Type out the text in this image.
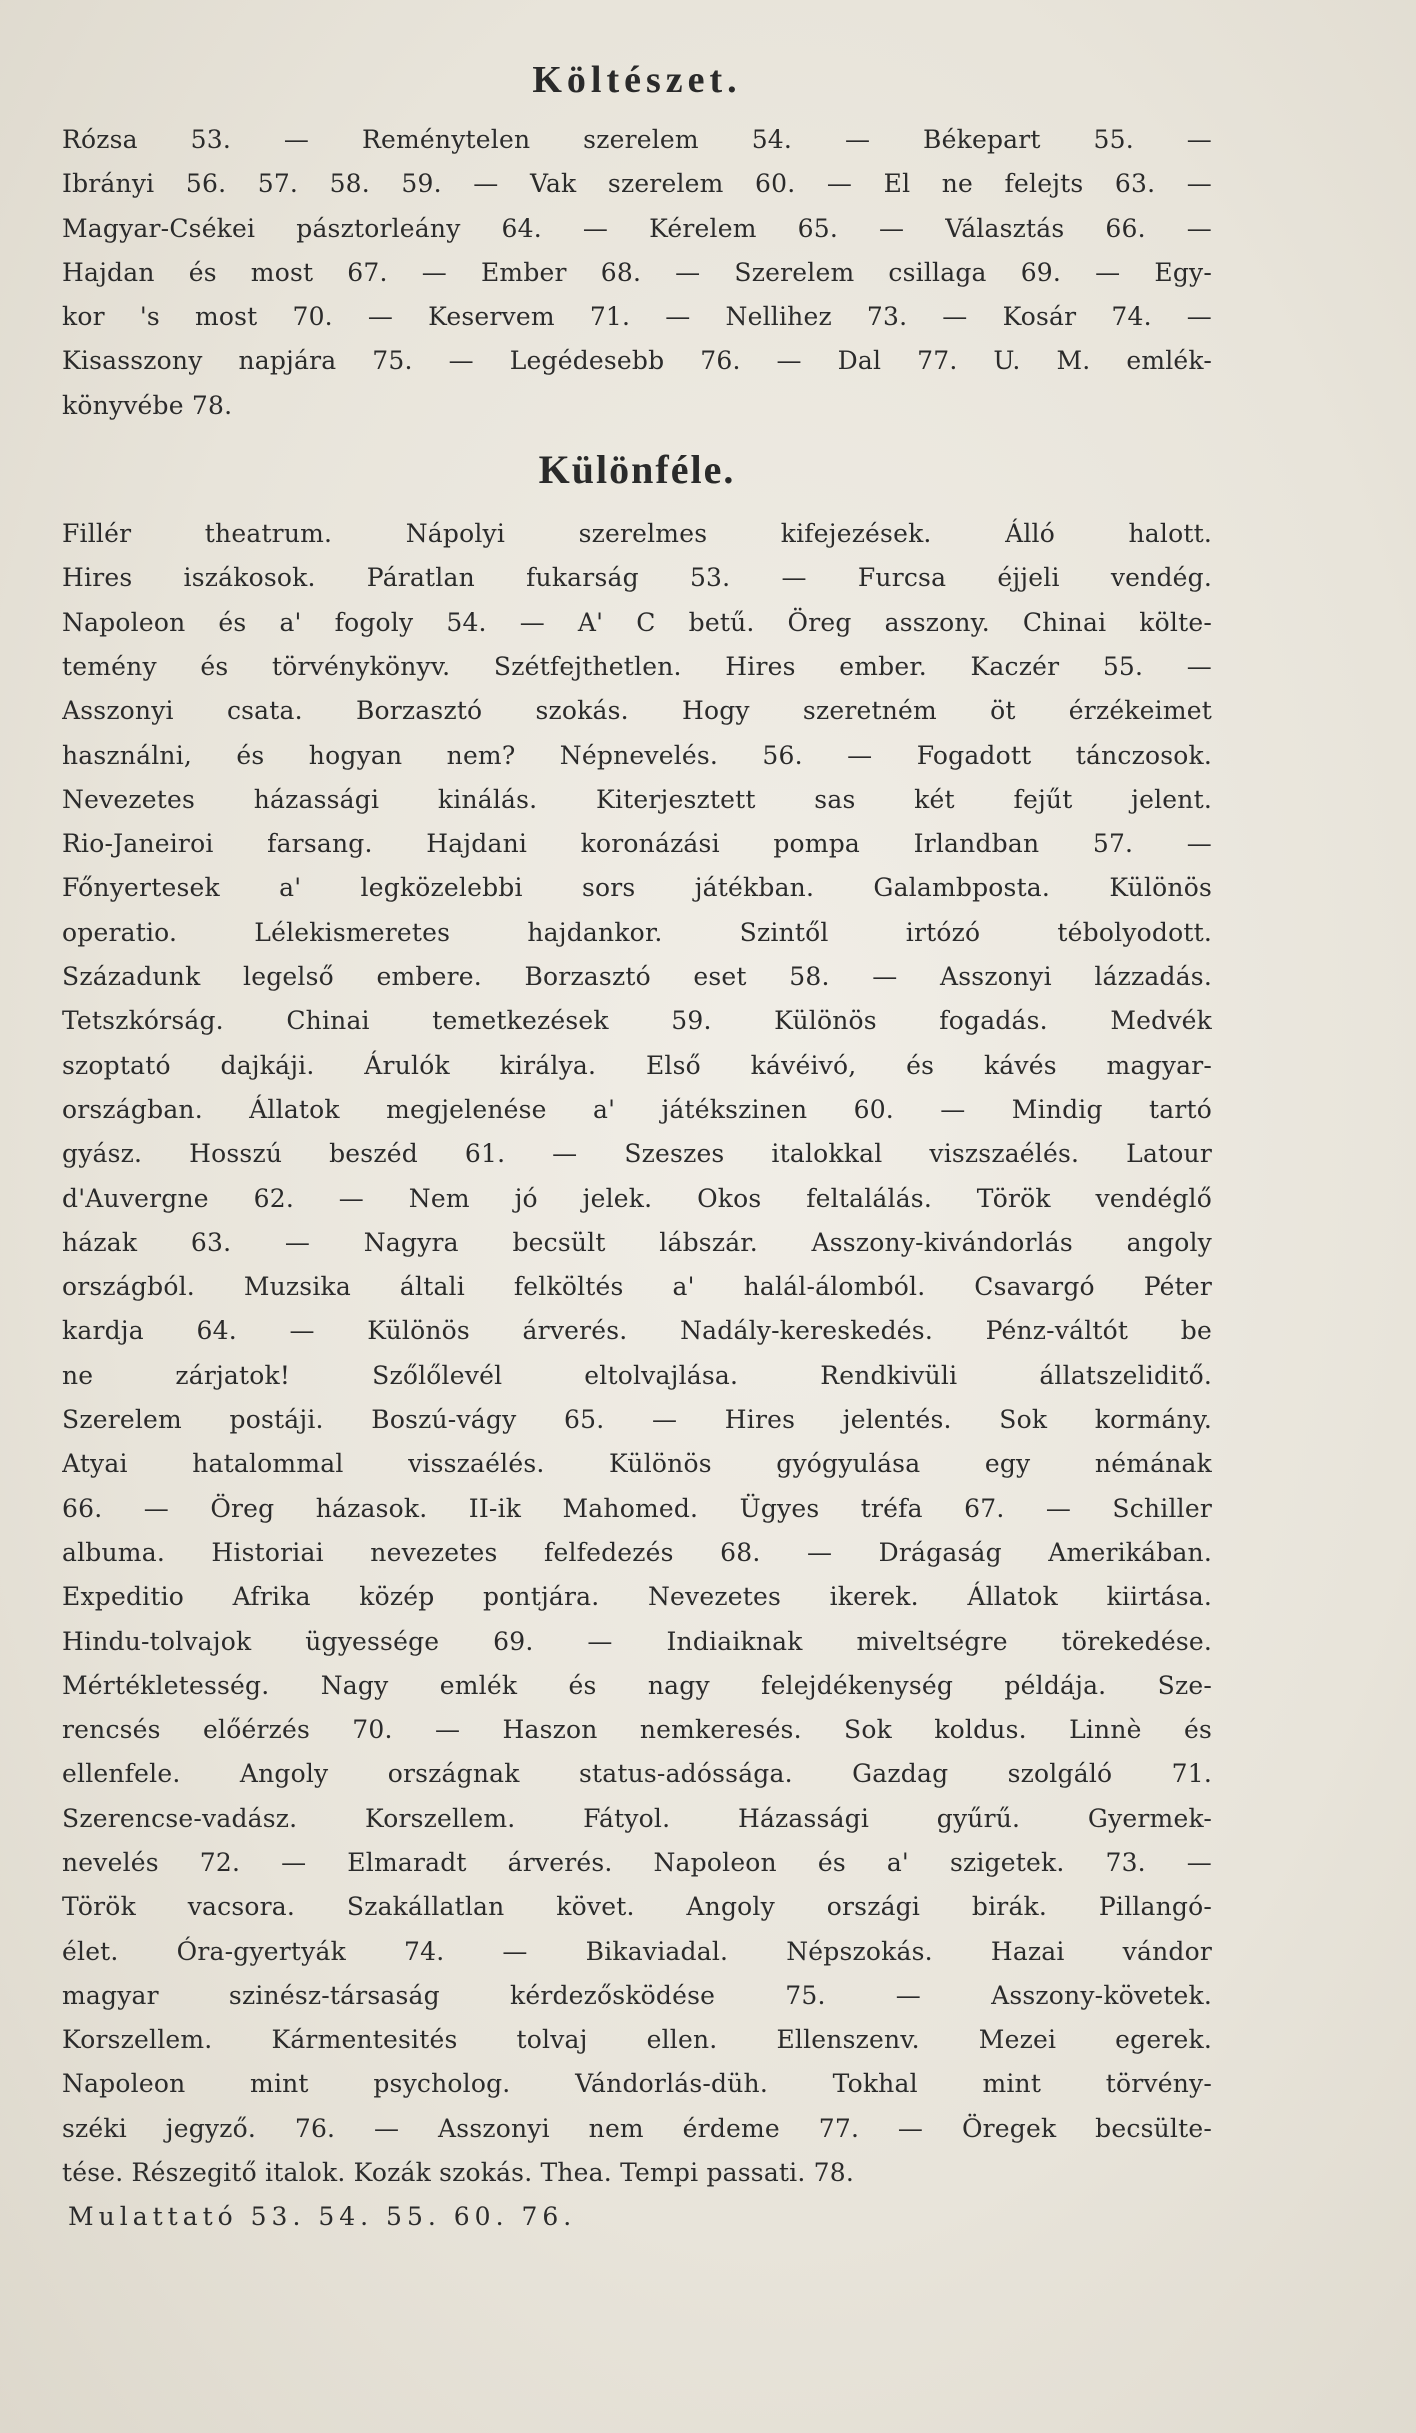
Költészet.
Rózsa 53. — Reménytelen szerelem 54. — Békepart 55. —
Ibrányi 56. 57. 58. 59. — Vak szerelem 60. — El ne felejts 63. —
Magyar-Csékei pásztorleány 64. — Kérelem 65. — Választás 66. —
Hajdan és most 67. — Ember 68. — Szerelem csillaga 69. — Egy-
kor 's most 70. — Keservem 71. — Nellihez 73. — Kosár 74. —
Kisasszony napjára 75. — Legédesebb 76. — Dal 77. U. M. emlék-
könyvébe 78.
Különféle.
Fillér theatrum. Nápolyi szerelmes kifejezések. Álló halott.
Hires iszákosok. Páratlan fukarság 53. — Furcsa éjjeli vendég.
Napoleon és a' fogoly 54. — A' C betű. Öreg asszony. Chinai költe-
temény és törvénykönyv. Szétfejthetlen. Hires ember. Kaczér 55. —
Asszonyi csata. Borzasztó szokás. Hogy szeretném öt érzékeimet
használni, és hogyan nem? Népnevelés. 56. — Fogadott tánczosok.
Nevezetes házassági kinálás. Kiterjesztett sas két fejűt jelent.
Rio-Janeiroi farsang. Hajdani koronázási pompa Irlandban 57. —
Főnyertesek a' legközelebbi sors játékban. Galambposta. Különös
operatio. Lélekismeretes hajdankor. Szintől irtózó tébolyodott.
Századunk legelső embere. Borzasztó eset 58. — Asszonyi lázzadás.
Tetszkórság. Chinai temetkezések 59. Különös fogadás. Medvék
szoptató dajkáji. Árulók királya. Első kávéivó, és kávés magyar-
országban. Állatok megjelenése a' játékszinen 60. — Mindig tartó
gyász. Hosszú beszéd 61. — Szeszes italokkal viszszaélés. Latour
d'Auvergne 62. — Nem jó jelek. Okos feltalálás. Török vendéglő
házak 63. — Nagyra becsült lábszár. Asszony-kivándorlás angoly
országból. Muzsika általi felköltés a' halál-álomból. Csavargó Péter
kardja 64. — Különös árverés. Nadály-kereskedés. Pénz-váltót be
ne zárjatok! Szőlőlevél eltolvajlása. Rendkivüli állatszeliditő.
Szerelem postáji. Boszú-vágy 65. — Hires jelentés. Sok kormány.
Atyai hatalommal visszaélés. Különös gyógyulása egy némának
66. — Öreg házasok. II-ik Mahomed. Ügyes tréfa 67. — Schiller
albuma. Historiai nevezetes felfedezés 68. — Drágaság Amerikában.
Expeditio Afrika közép pontjára. Nevezetes ikerek. Állatok kiirtása.
Hindu-tolvajok ügyessége 69. — Indiaiknak miveltségre törekedése.
Mértékletesség. Nagy emlék és nagy felejdékenység példája. Sze-
rencsés előérzés 70. — Haszon nemkeresés. Sok koldus. Linnè és
ellenfele. Angoly országnak status-adóssága. Gazdag szolgáló 71.
Szerencse-vadász. Korszellem. Fátyol. Házassági gyűrű. Gyermek-
nevelés 72. — Elmaradt árverés. Napoleon és a' szigetek. 73. —
Török vacsora. Szakállatlan követ. Angoly országi birák. Pillangó-
élet. Óra-gyertyák 74. — Bikaviadal. Népszokás. Hazai vándor
magyar szinész-társaság kérdezősködése 75. — Asszony-követek.
Korszellem. Kármentesités tolvaj ellen. Ellenszenv. Mezei egerek.
Napoleon mint psycholog. Vándorlás-düh. Tokhal mint törvény-
széki jegyző. 76. — Asszonyi nem érdeme 77. — Öregek becsülte-
tése. Részegitő italok. Kozák szokás. Thea. Tempi passati. 78.
Mulattató 53. 54. 55. 60. 76.
